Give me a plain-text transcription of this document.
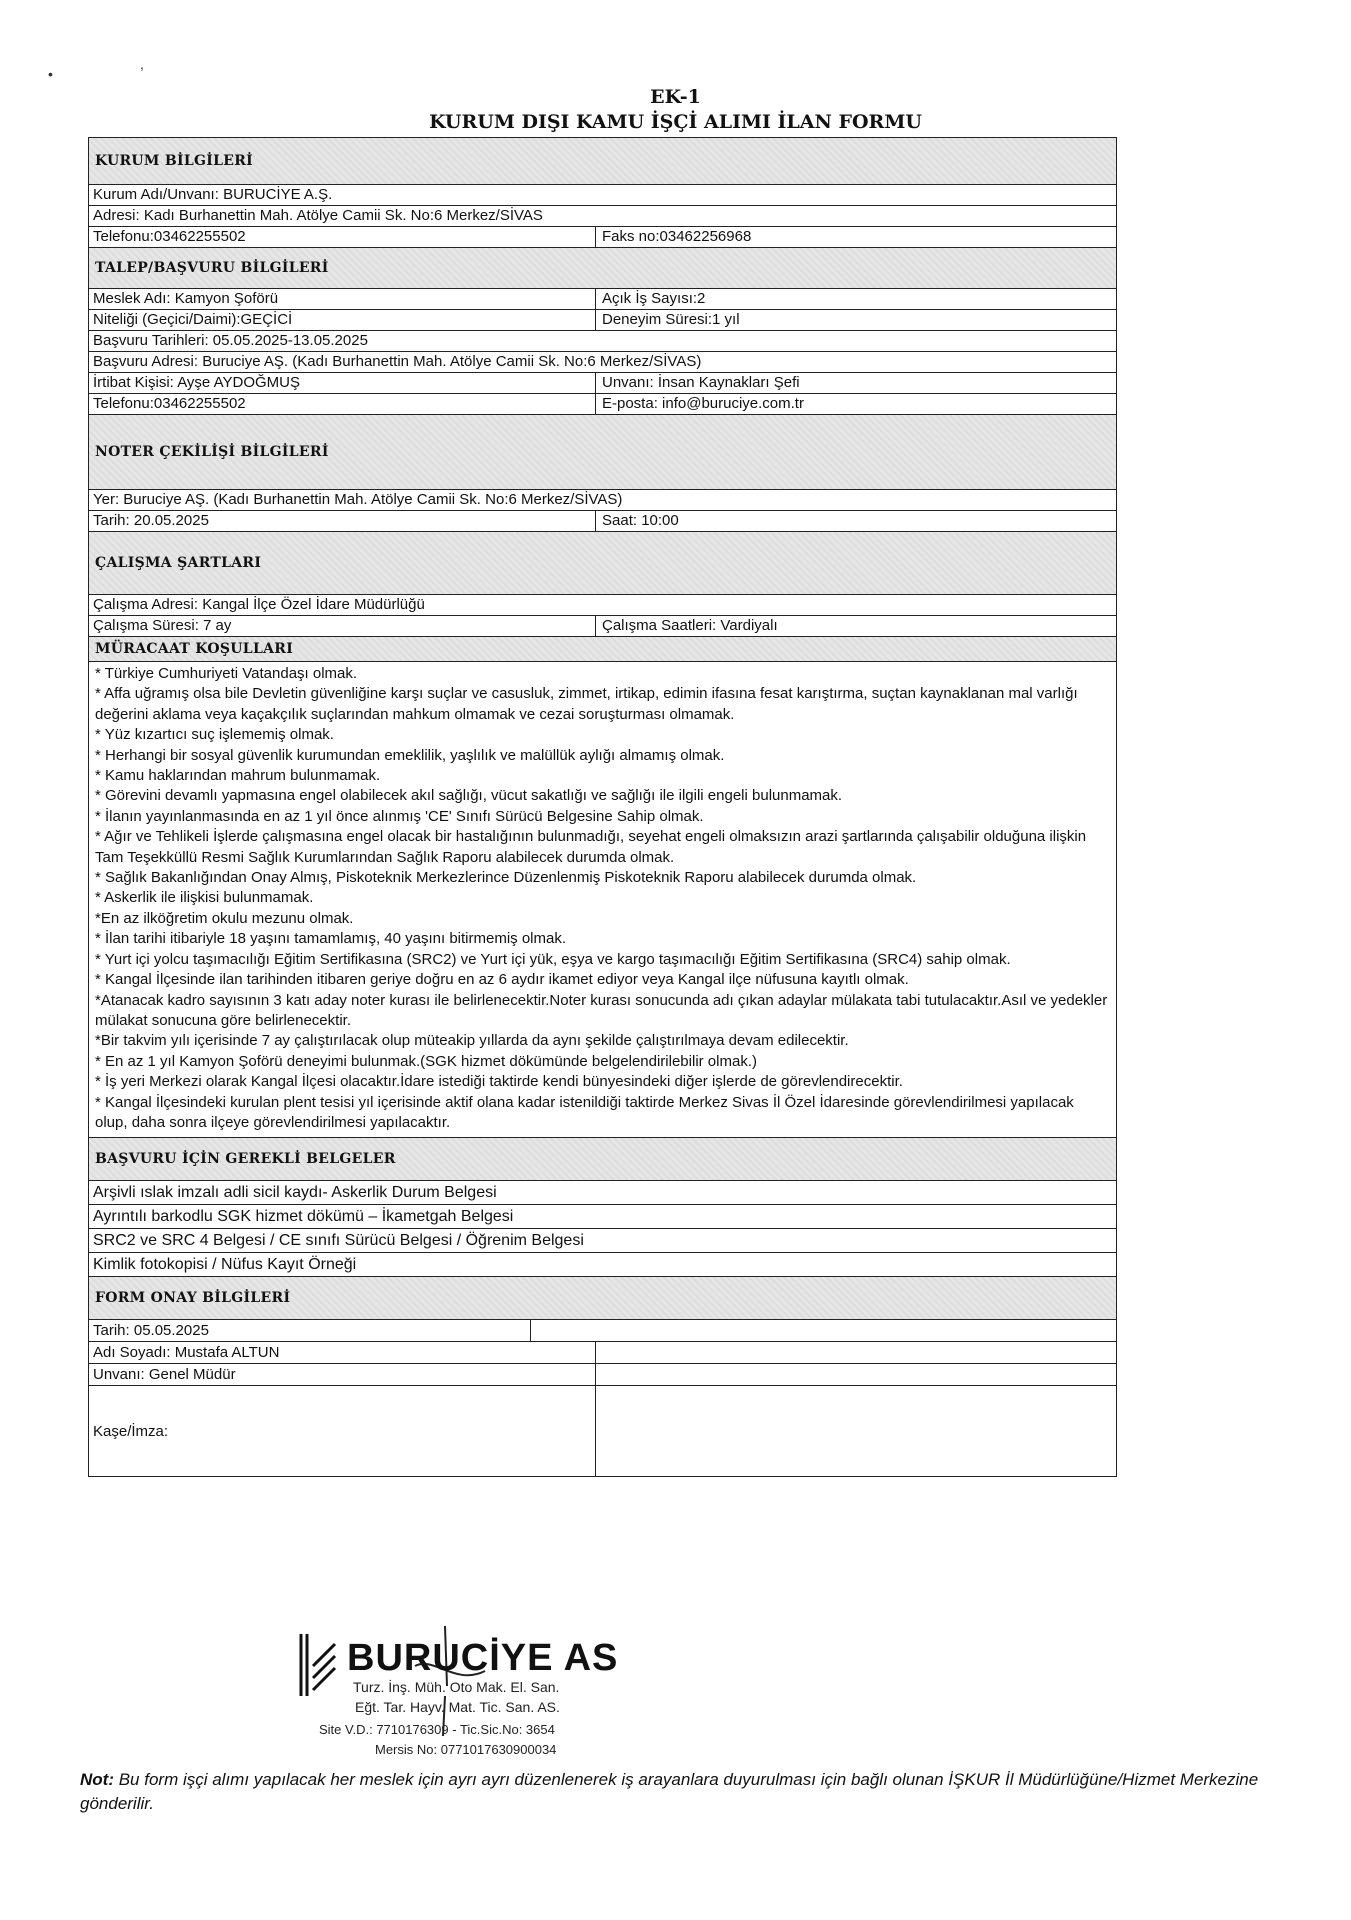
•
,
EK-1
KURUM DIŞI KAMU İŞÇİ ALIMI İLAN FORMU
KURUM BİLGİLERİ
Kurum Adı/Unvanı: BURUCİYE A.Ş.
Adresi: Kadı Burhanettin Mah. Atölye Camii Sk. No:6 Merkez/SİVAS
Telefonu:03462255502	Faks no:03462256968
TALEP/BAŞVURU BİLGİLERİ
Meslek Adı: Kamyon Şoförü	Açık İş Sayısı:2
Niteliği (Geçici/Daimi):GEÇİCİ	Deneyim Süresi:1 yıl
Başvuru Tarihleri: 05.05.2025-13.05.2025
Başvuru Adresi: Buruciye AŞ. (Kadı Burhanettin Mah. Atölye Camii Sk. No:6 Merkez/SİVAS)
İrtibat Kişisi: Ayşe AYDOĞMUŞ	Unvanı: İnsan Kaynakları Şefi
Telefonu:03462255502	E-posta: info@buruciye.com.tr
NOTER ÇEKİLİŞİ BİLGİLERİ
Yer: Buruciye AŞ. (Kadı Burhanettin Mah. Atölye Camii Sk. No:6 Merkez/SİVAS)
Tarih: 20.05.2025	Saat: 10:00
ÇALIŞMA ŞARTLARI
Çalışma Adresi: Kangal İlçe Özel İdare Müdürlüğü
Çalışma Süresi: 7 ay	Çalışma Saatleri: Vardiyalı
MÜRACAAT KOŞULLARI

* Türkiye Cumhuriyeti Vatandaşı olmak.

* Affa uğramış olsa bile Devletin güvenliğine karşı suçlar ve casusluk, zimmet, irtikap, edimin ifasına fesat karıştırma, suçtan kaynaklanan mal varlığı değerini aklama veya kaçakçılık suçlarından mahkum olmamak ve cezai soruşturması olmamak.

* Yüz kızartıcı suç işlememiş olmak.

* Herhangi bir sosyal güvenlik kurumundan emeklilik, yaşlılık ve malüllük aylığı almamış olmak.

* Kamu haklarından mahrum bulunmamak.

* Görevini devamlı yapmasına engel olabilecek akıl sağlığı, vücut sakatlığı ve sağlığı ile ilgili engeli bulunmamak.

* İlanın yayınlanmasında en az 1 yıl önce alınmış 'CE' Sınıfı Sürücü Belgesine Sahip olmak.

* Ağır ve Tehlikeli İşlerde çalışmasına engel olacak bir hastalığının bulunmadığı, seyehat engeli olmaksızın arazi şartlarında çalışabilir olduğuna ilişkin Tam Teşekküllü Resmi Sağlık Kurumlarından Sağlık Raporu alabilecek durumda olmak.

* Sağlık Bakanlığından Onay Almış, Piskoteknik Merkezlerince Düzenlenmiş Piskoteknik Raporu alabilecek durumda olmak.

* Askerlik ile ilişkisi bulunmamak.

*En az ilköğretim okulu mezunu olmak.

* İlan tarihi itibariyle 18 yaşını tamamlamış, 40 yaşını bitirmemiş olmak.

* Yurt içi yolcu taşımacılığı Eğitim Sertifikasına (SRC2) ve Yurt içi yük, eşya ve kargo taşımacılığı Eğitim Sertifikasına (SRC4) sahip olmak.

* Kangal İlçesinde ilan tarihinden itibaren geriye doğru en az 6 aydır ikamet ediyor veya Kangal ilçe nüfusuna kayıtlı olmak.

*Atanacak kadro sayısının 3 katı aday noter kurası ile belirlenecektir.Noter kurası sonucunda adı çıkan adaylar mülakata tabi tutulacaktır.Asıl ve yedekler mülakat sonucuna göre belirlenecektir.

*Bir takvim yılı içerisinde 7 ay çalıştırılacak olup müteakip yıllarda da aynı şekilde çalıştırılmaya devam edilecektir.

* En az 1 yıl Kamyon Şoförü deneyimi bulunmak.(SGK hizmet dökümünde belgelendirilebilir olmak.)

* İş yeri Merkezi olarak Kangal İlçesi olacaktır.İdare istediği taktirde kendi bünyesindeki diğer işlerde de görevlendirecektir.

* Kangal İlçesindeki kurulan plent tesisi yıl içerisinde aktif olana kadar istenildiği taktirde Merkez Sivas İl Özel İdaresinde görevlendirilmesi yapılacak olup, daha sonra ilçeye görevlendirilmesi yapılacaktır.

BAŞVURU İÇİN GEREKLİ BELGELER
Arşivli ıslak imzalı adli sicil kaydı- Askerlik Durum Belgesi
Ayrıntılı barkodlu SGK hizmet dökümü – İkametgah Belgesi
SRC2 ve SRC 4 Belgesi / CE sınıfı Sürücü Belgesi / Öğrenim Belgesi
Kimlik fotokopisi / Nüfus Kayıt Örneği
FORM ONAY BİLGİLERİ
Tarih: 05.05.2025
Adı Soyadı: Mustafa ALTUN
Unvanı: Genel Müdür
Kaşe/İmza:
BURUCİYE AS
Turz. İnş. Müh. Oto Mak. El. San.
Eğt. Tar. Hayv. Mat. Tic. San. AS.
Site V.D.: 7710176309 - Tic.Sic.No: 3654
Mersis No: 0771017630900034
Not: Bu form işçi alımı yapılacak her meslek için ayrı ayrı düzenlenerek iş arayanlara duyurulması için bağlı olunan İŞKUR İl Müdürlüğüne/Hizmet Merkezine gönderilir.
